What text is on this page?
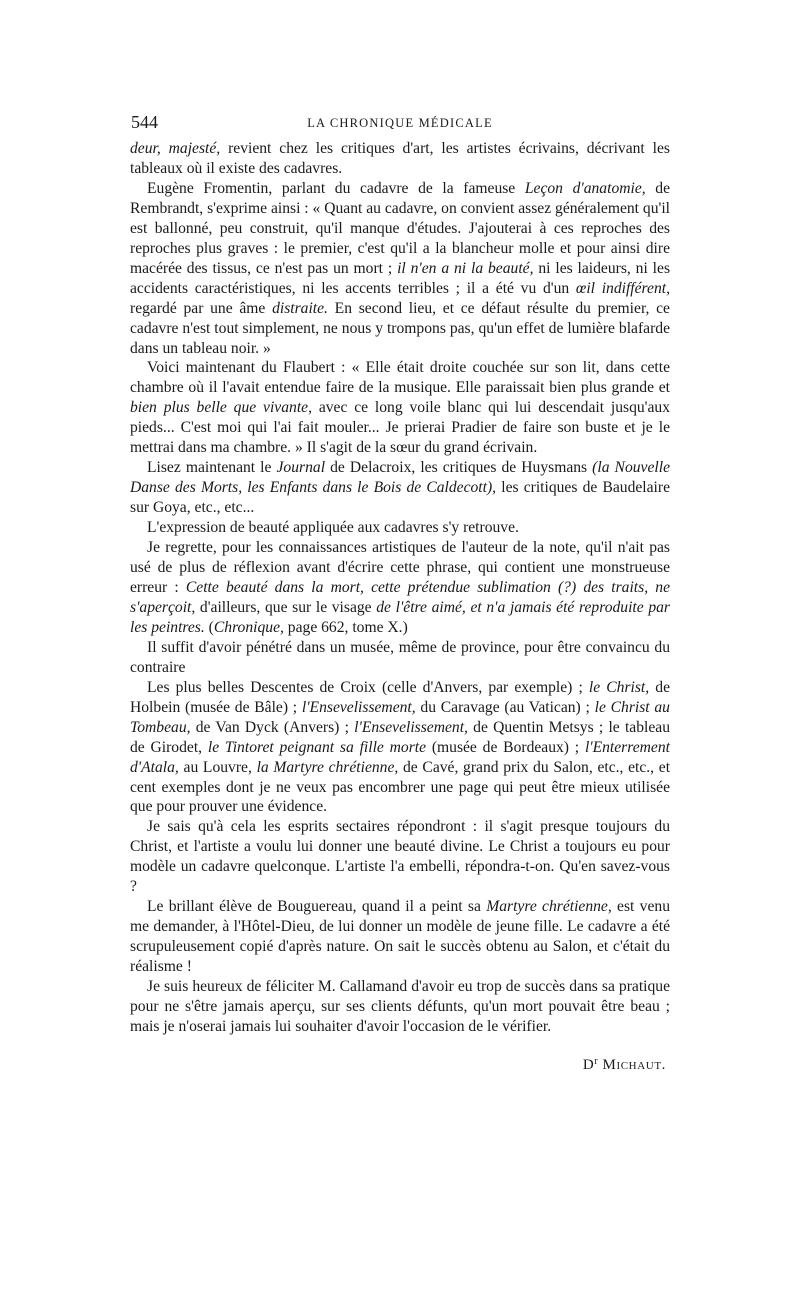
544	LA CHRONIQUE MÉDICALE

deur, majesté, revient chez les critiques d'art, les artistes écrivains, décrivant les tableaux où il existe des cadavres.

Eugène Fromentin, parlant du cadavre de la fameuse Leçon d'anatomie, de Rembrandt, s'exprime ainsi : « Quant au cadavre, on convient assez généralement qu'il est ballonné, peu construit, qu'il manque d'études. J'ajouterai à ces reproches des reproches plus graves : le premier, c'est qu'il a la blancheur molle et pour ainsi dire macérée des tissus, ce n'est pas un mort ; il n'en a ni la beauté, ni les laideurs, ni les accidents caractéristiques, ni les accents terribles ; il a été vu d'un œil indifférent, regardé par une âme distraite. En second lieu, et ce défaut résulte du premier, ce cadavre n'est tout simplement, ne nous y trompons pas, qu'un effet de lumière blafarde dans un tableau noir. »

Voici maintenant du Flaubert : « Elle était droite couchée sur son lit, dans cette chambre où il l'avait entendue faire de la musique. Elle paraissait bien plus grande et bien plus belle que vivante, avec ce long voile blanc qui lui descendait jusqu'aux pieds... C'est moi qui l'ai fait mouler... Je prierai Pradier de faire son buste et je le mettrai dans ma chambre. » Il s'agit de la sœur du grand écrivain.

Lisez maintenant le Journal de Delacroix, les critiques de Huysmans (la Nouvelle Danse des Morts, les Enfants dans le Bois de Caldecott), les critiques de Baudelaire sur Goya, etc., etc...

L'expression de beauté appliquée aux cadavres s'y retrouve.

Je regrette, pour les connaissances artistiques de l'auteur de la note, qu'il n'ait pas usé de plus de réflexion avant d'écrire cette phrase, qui contient une monstrueuse erreur : Cette beauté dans la mort, cette prétendue sublimation (?) des traits, ne s'aperçoit, d'ailleurs, que sur le visage de l'être aimé, et n'a jamais été reproduite par les peintres. (Chronique, page 662, tome X.)

Il suffit d'avoir pénétré dans un musée, même de province, pour être convaincu du contraire

Les plus belles Descentes de Croix (celle d'Anvers, par exemple) ; le Christ, de Holbein (musée de Bâle) ; l'Ensevelissement, du Caravage (au Vatican) ; le Christ au Tombeau, de Van Dyck (Anvers) ; l'Ensevelissement, de Quentin Metsys ; le tableau de Girodet, le Tintoret peignant sa fille morte (musée de Bordeaux) ; l'Enterrement d'Atala, au Louvre, la Martyre chrétienne, de Cavé, grand prix du Salon, etc., etc., et cent exemples dont je ne veux pas encombrer une page qui peut être mieux utilisée que pour prouver une évidence.

Je sais qu'à cela les esprits sectaires répondront : il s'agit presque toujours du Christ, et l'artiste a voulu lui donner une beauté divine. Le Christ a toujours eu pour modèle un cadavre quelconque. L'artiste l'a embelli, répondra-t-on. Qu'en savez-vous ?

Le brillant élève de Bouguereau, quand il a peint sa Martyre chrétienne, est venu me demander, à l'Hôtel-Dieu, de lui donner un modèle de jeune fille. Le cadavre a été scrupuleusement copié d'après nature. On sait le succès obtenu au Salon, et c'était du réalisme !

Je suis heureux de féliciter M. Callamand d'avoir eu trop de succès dans sa pratique pour ne s'être jamais aperçu, sur ses clients défunts, qu'un mort pouvait être beau ; mais je n'oserai jamais lui souhaiter d'avoir l'occasion de le vérifier.

$D^r$ Michaut.
